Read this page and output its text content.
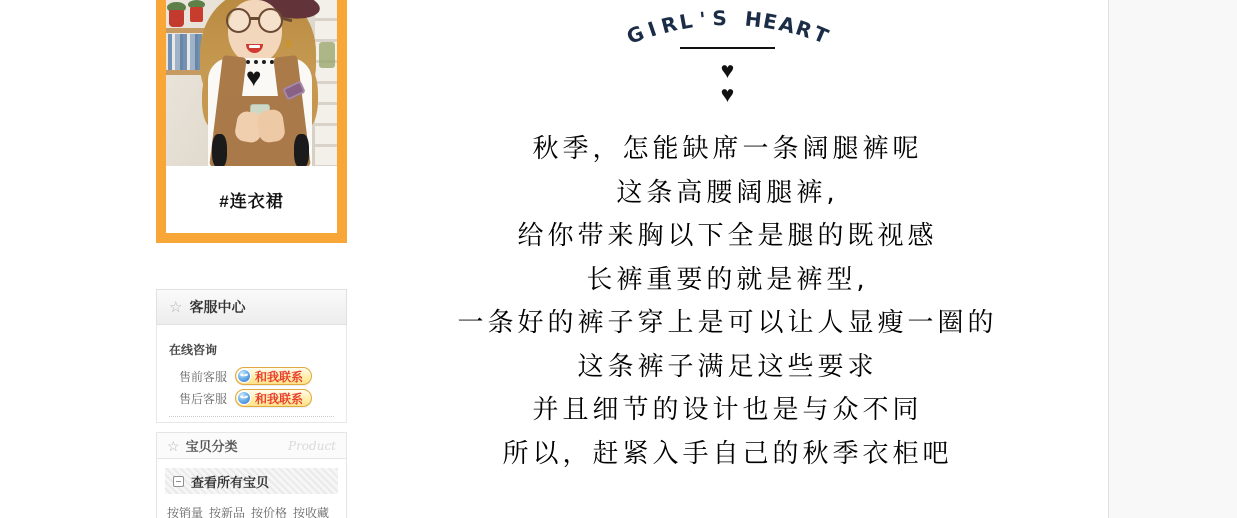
♥
#连衣裙
☆ 客服中心
在线咨询
售前客服 和我联系
售后客服 和我联系
☆ 宝贝分类	Product
查看所有宝贝
按销量 按新品 按价格 按收藏
G
I
R
L ' S
H
E
A
R
T
♥
♥
秋季，怎能缺席一条阔腿裤呢
这条高腰阔腿裤,
给你带来胸以下全是腿的既视感
长裤重要的就是裤型,
一条好的裤子穿上是可以让人显瘦一圈的
这条裤子满足这些要求
并且细节的设计也是与众不同
所以，赶紧入手自己的秋季衣柜吧
